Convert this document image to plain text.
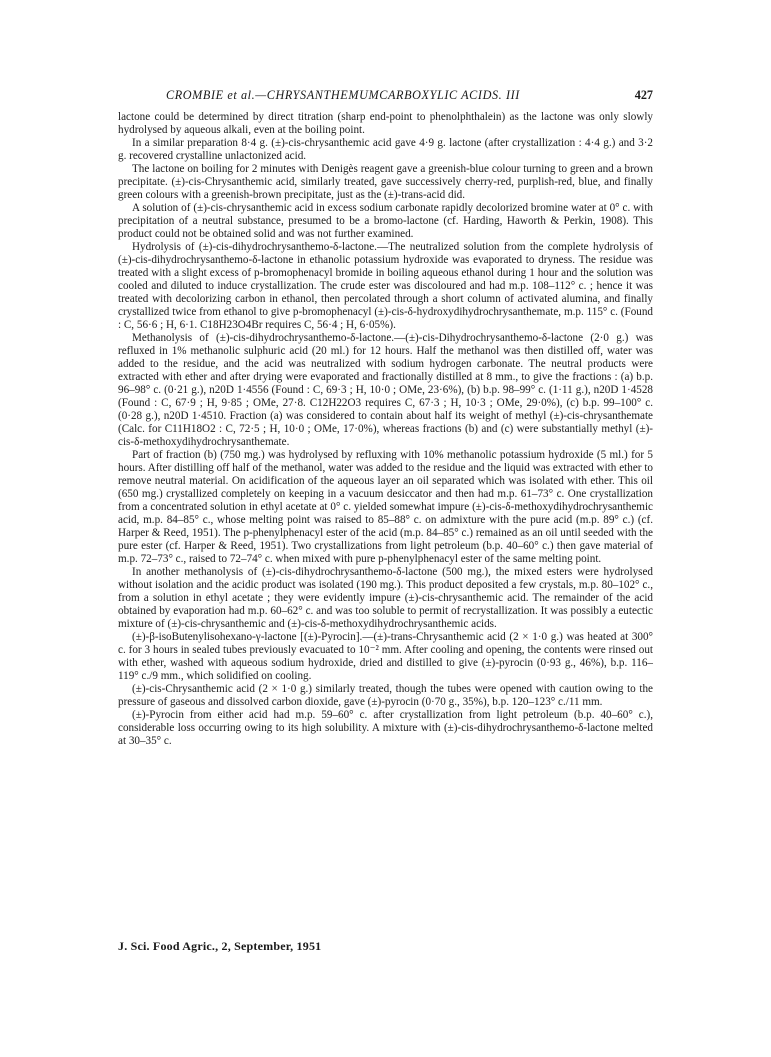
CROMBIE et al.—CHRYSANTHEMUMCARBOXYLIC ACIDS. III	427

lactone could be determined by direct titration (sharp end-point to phenolphthalein) as the lactone was only slowly hydrolysed by aqueous alkali, even at the boiling point.

In a similar preparation 8·4 g. (±)-cis-chrysanthemic acid gave 4·9 g. lactone (after crystallization : 4·4 g.) and 3·2 g. recovered crystalline unlactonized acid.

The lactone on boiling for 2 minutes with Denigès reagent gave a greenish-blue colour turning to green and a brown precipitate. (±)-cis-Chrysanthemic acid, similarly treated, gave successively cherry-red, purplish-red, blue, and finally green colours with a greenish-brown precipitate, just as the (±)-trans-acid did.

A solution of (±)-cis-chrysanthemic acid in excess sodium carbonate rapidly decolorized bromine water at 0° c. with precipitation of a neutral substance, presumed to be a bromo-lactone (cf. Harding, Haworth & Perkin, 1908). This product could not be obtained solid and was not further examined.

Hydrolysis of (±)-cis-dihydrochrysanthemo-δ-lactone.—The neutralized solution from the complete hydrolysis of (±)-cis-dihydrochrysanthemo-δ-lactone in ethanolic potassium hydroxide was evaporated to dryness. The residue was treated with a slight excess of p-bromophenacyl bromide in boiling aqueous ethanol during 1 hour and the solution was cooled and diluted to induce crystallization. The crude ester was discoloured and had m.p. 108–112° c. ; hence it was treated with decolorizing carbon in ethanol, then percolated through a short column of activated alumina, and finally crystallized twice from ethanol to give p-bromophenacyl (±)-cis-δ-hydroxydihydrochrysanthemate, m.p. 115° c. (Found : C, 56·6 ; H, 6·1. C18H23O4Br requires C, 56·4 ; H, 6·05%).

Methanolysis of (±)-cis-dihydrochrysanthemo-δ-lactone.—(±)-cis-Dihydrochrysanthemo-δ-lactone (2·0 g.) was refluxed in 1% methanolic sulphuric acid (20 ml.) for 12 hours. Half the methanol was then distilled off, water was added to the residue, and the acid was neutralized with sodium hydrogen carbonate. The neutral products were extracted with ether and after drying were evaporated and fractionally distilled at 8 mm., to give the fractions : (a) b.p. 96–98° c. (0·21 g.), n20D 1·4556 (Found : C, 69·3 ; H, 10·0 ; OMe, 23·6%), (b) b.p. 98–99° c. (1·11 g.), n20D 1·4528 (Found : C, 67·9 ; H, 9·85 ; OMe, 27·8. C12H22O3 requires C, 67·3 ; H, 10·3 ; OMe, 29·0%), (c) b.p. 99–100° c. (0·28 g.), n20D 1·4510. Fraction (a) was considered to contain about half its weight of methyl (±)-cis-chrysanthemate (Calc. for C11H18O2 : C, 72·5 ; H, 10·0 ; OMe, 17·0%), whereas fractions (b) and (c) were substantially methyl (±)-cis-δ-methoxydihydrochrysanthemate.

Part of fraction (b) (750 mg.) was hydrolysed by refluxing with 10% methanolic potassium hydroxide (5 ml.) for 5 hours. After distilling off half of the methanol, water was added to the residue and the liquid was extracted with ether to remove neutral material. On acidification of the aqueous layer an oil separated which was isolated with ether. This oil (650 mg.) crystallized completely on keeping in a vacuum desiccator and then had m.p. 61–73° c. One crystallization from a concentrated solution in ethyl acetate at 0° c. yielded somewhat impure (±)-cis-δ-methoxydihydrochrysanthemic acid, m.p. 84–85° c., whose melting point was raised to 85–88° c. on admixture with the pure acid (m.p. 89° c.) (cf. Harper & Reed, 1951). The p-phenylphenacyl ester of the acid (m.p. 84–85° c.) remained as an oil until seeded with the pure ester (cf. Harper & Reed, 1951). Two crystallizations from light petroleum (b.p. 40–60° c.) then gave material of m.p. 72–73° c., raised to 72–74° c. when mixed with pure p-phenylphenacyl ester of the same melting point.

In another methanolysis of (±)-cis-dihydrochrysanthemo-δ-lactone (500 mg.), the mixed esters were hydrolysed without isolation and the acidic product was isolated (190 mg.). This product deposited a few crystals, m.p. 80–102° c., from a solution in ethyl acetate ; they were evidently impure (±)-cis-chrysanthemic acid. The remainder of the acid obtained by evaporation had m.p. 60–62° c. and was too soluble to permit of recrystallization. It was possibly a eutectic mixture of (±)-cis-chrysanthemic and (±)-cis-δ-methoxydihydrochrysanthemic acids.

(±)-β-isoButenylisohexano-γ-lactone [(±)-Pyrocin].—(±)-trans-Chrysanthemic acid (2 × 1·0 g.) was heated at 300° c. for 3 hours in sealed tubes previously evacuated to 10⁻² mm. After cooling and opening, the contents were rinsed out with ether, washed with aqueous sodium hydroxide, dried and distilled to give (±)-pyrocin (0·93 g., 46%), b.p. 116–119° c./9 mm., which solidified on cooling.

(±)-cis-Chrysanthemic acid (2 × 1·0 g.) similarly treated, though the tubes were opened with caution owing to the pressure of gaseous and dissolved carbon dioxide, gave (±)-pyrocin (0·70 g., 35%), b.p. 120–123° c./11 mm.

(±)-Pyrocin from either acid had m.p. 59–60° c. after crystallization from light petroleum (b.p. 40–60° c.), considerable loss occurring owing to its high solubility. A mixture with (±)-cis-dihydrochrysanthemo-δ-lactone melted at 30–35° c.

J. Sci. Food Agric., 2, September, 1951
